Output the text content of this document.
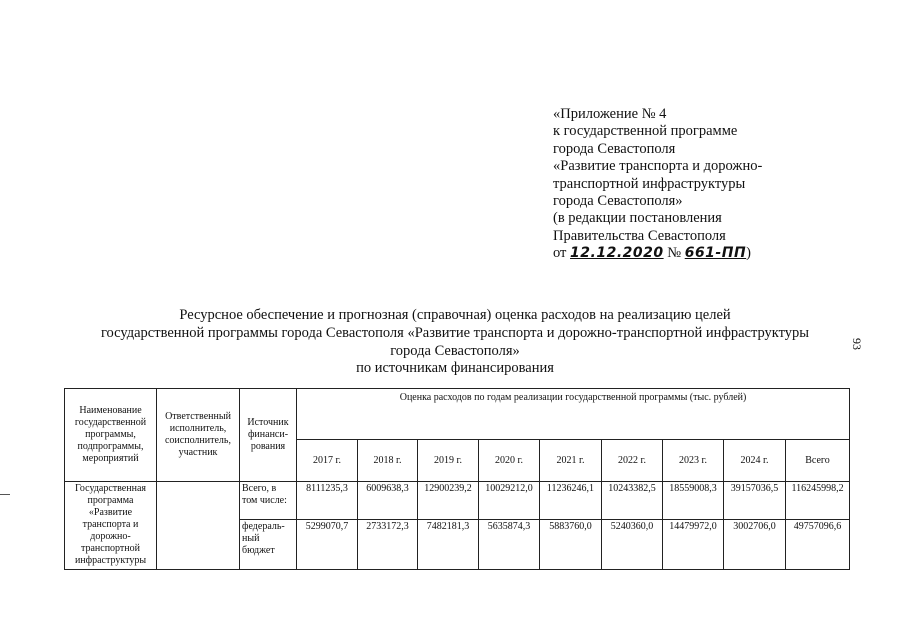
«Приложение № 4
к государственной программе
города Севастополя
«Развитие транспорта и дорожно-
транспортной инфраструктуры
города Севастополя»
(в редакции постановления
Правительства Севастополя
от 12.12.2020 № 661-ПП)
93
Ресурсное обеспечение и прогнозная (справочная) оценка расходов на реализацию целей
государственной программы города Севастополя «Развитие транспорта и дорожно-транспортной инфраструктуры
города Севастополя»
по источникам финансирования
Наименование государственной программы, подпрограммы, мероприятий	Ответственный исполнитель, соисполнитель, участник	Источник финанси-рования	Оценка расходов по годам реализации государственной программы (тыс. рублей)								
			2017 г.	2018 г.	2019 г.	2020 г.	2021 г.	2022 г.	2023 г.	2024 г.	Всего
Государственная программа «Развитие транспорта и дорожно-транспортной инфраструктуры		Всего, в том числе:	8111235,3	6009638,3	12900239,2	10029212,0	11236246,1	10243382,5	18559008,3	39157036,5	116245998,2
		федераль-ный бюджет	5299070,7	2733172,3	7482181,3	5635874,3	5883760,0	5240360,0	14479972,0	3002706,0	49757096,6
